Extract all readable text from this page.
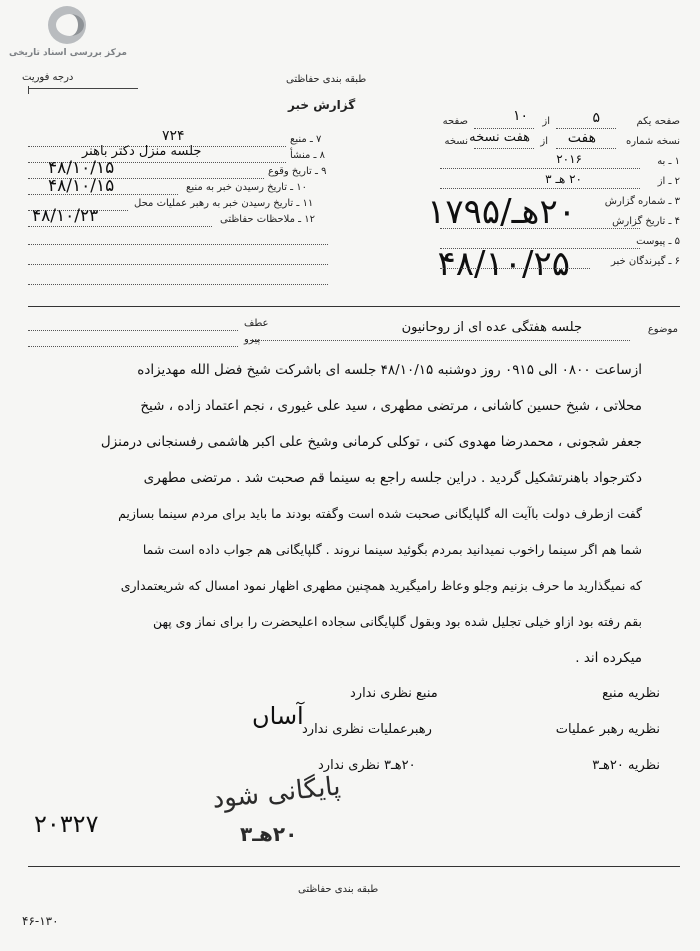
مرکز بررسی اسناد تاریخی
درجه فوریت	طبقه بندی حفاظتی
گزارش خبر
صفحه یکم
۵
از
۱۰
صفحه
نسخه شماره
هفت
از
هفت نسخه
نسخه
۱ ـ به
۲۰۱۶
۲ ـ از
۲۰ هـ ۳
۳ ـ شماره گزارش
۴ ـ تاریخ گزارش
۲۰هـ/۱۷۹۵
۵ ـ پیوست
۶ ـ گیرندگان خبر
۴۸/۱۰/۲۵
۷ ـ منبع
۷۲۴
۸ ـ منشأ
جلسه منزل دکتر باهنر
۹ ـ تاریخ وقوع
۴۸/۱۰/۱۵
۱۰ ـ تاریخ رسیدن خبر به منبع
۴۸/۱۰/۱۵
۱۱ ـ تاریخ رسیدن خبر به رهبر عملیات محل
۱۲ ـ ملاحظات حفاظتی
۴۸/۱۰/۲۳
موضوع
جلسه هفتگی عده ای از روحانیون
عطف
پیرو
ازساعت ۰۸۰۰ الی ۰۹۱۵ روز دوشنبه ۴۸/۱۰/۱۵ جلسه ای باشرکت شیخ فضل الله مهدیزاده
محلاتی ، شیخ حسین کاشانی ، مرتضی مطهری ، سید علی غیوری ، نجم اعتماد زاده ، شیخ
جعفر شجونی ، محمدرضا مهدوی کنی ، توکلی کرمانی وشیخ علی اکبر هاشمی رفسنجانی درمنزل
دکترجواد باهنرتشکیل گردید . دراین جلسه راجع به سینما قم صحبت شد . مرتضی مطهری
گفت ازطرف دولت باآیت اله گلپایگانی صحبت شده است وگفته بودند ما باید برای مردم سینما بسازیم
شما هم اگر سینما راخوب نمیدانید بمردم بگوئید سینما نروند . گلپایگانی هم جواب داده است شما
که نمیگذارید ما حرف بزنیم وجلو وعاظ رامیگیرید همچنین مطهری اظهار نمود امسال که شریعتمداری
بقم رفته بود ازاو خیلی تجلیل شده بود وبقول گلپایگانی سجاده اعلیحضرت را برای نماز وی پهن
میکرده اند .
نظریه منبع
منبع نظری ندارد
نظریه رهبر عملیات
رهبرعملیات نظری ندارد
آساں
نظریه ۲۰هـ۳
۲۰هـ۳ نظری ندارد
پایگانی شود
۲۰هـ۳
۲۰۳۲۷
طبقه بندی حفاظتی
۴۶-۱۳۰
